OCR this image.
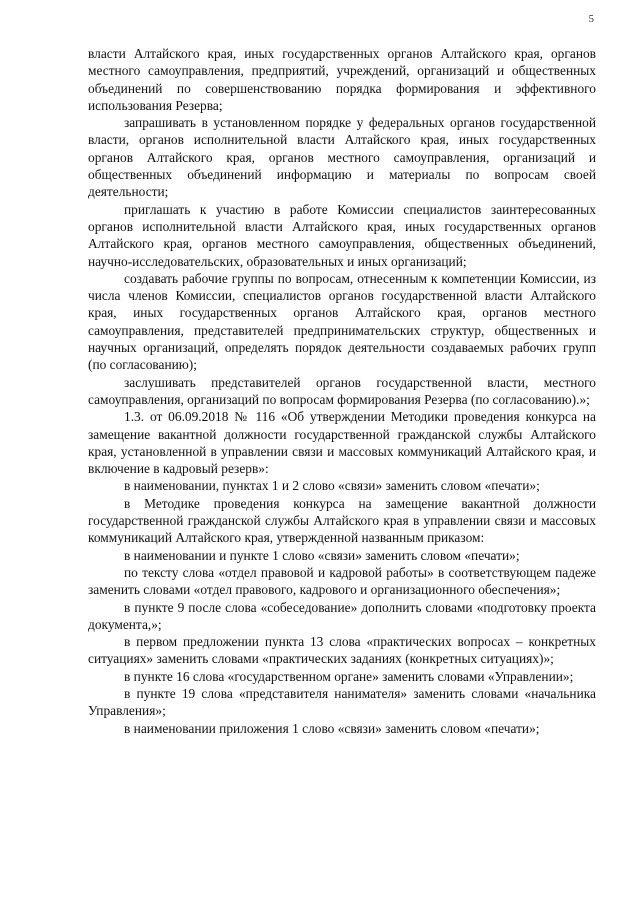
5

власти Алтайского края, иных государственных органов Алтайского края, органов местного самоуправления, предприятий, учреждений, организаций и общественных объединений по совершенствованию порядка формирования и эффективного использования Резерва;

запрашивать в установленном порядке у федеральных органов государственной власти, органов исполнительной власти Алтайского края, иных государственных органов Алтайского края, органов местного самоуправления, организаций и общественных объединений информацию и материалы по вопросам своей деятельности;

приглашать к участию в работе Комиссии специалистов заинтересованных органов исполнительной власти Алтайского края, иных государственных органов Алтайского края, органов местного самоуправления, общественных объединений, научно-исследовательских, образовательных и иных организаций;

создавать рабочие группы по вопросам, отнесенным к компетенции Комиссии, из числа членов Комиссии, специалистов органов государственной власти Алтайского края, иных государственных органов Алтайского края, органов местного самоуправления, представителей предпринимательских структур, общественных и научных организаций, определять порядок деятельности создаваемых рабочих групп (по согласованию);

заслушивать представителей органов государственной власти, местного самоуправления, организаций по вопросам формирования Резерва (по согласованию).»;

1.3. от 06.09.2018 № 116 «Об утверждении Методики проведения конкурса на замещение вакантной должности государственной гражданской службы Алтайского края, установленной в управлении связи и массовых коммуникаций Алтайского края, и включение в кадровый резерв»:

в наименовании, пунктах 1 и 2 слово «связи» заменить словом «печати»;

в Методике проведения конкурса на замещение вакантной должности государственной гражданской службы Алтайского края в управлении связи и массовых коммуникаций Алтайского края, утвержденной названным приказом:

в наименовании и пункте 1 слово «связи» заменить словом «печати»;

по тексту слова «отдел правовой и кадровой работы» в соответствующем падеже заменить словами «отдел правового, кадрового и организационного обеспечения»;

в пункте 9 после слова «собеседование» дополнить словами «подготовку проекта документа,»;

в первом предложении пункта 13 слова «практических вопросах – конкретных ситуациях» заменить словами «практических заданиях (конкретных ситуациях)»;

в пункте 16 слова «государственном органе» заменить словами «Управлении»;

в пункте 19 слова «представителя нанимателя» заменить словами «начальника Управления»;

в наименовании приложения 1 слово «связи» заменить словом «печати»;
